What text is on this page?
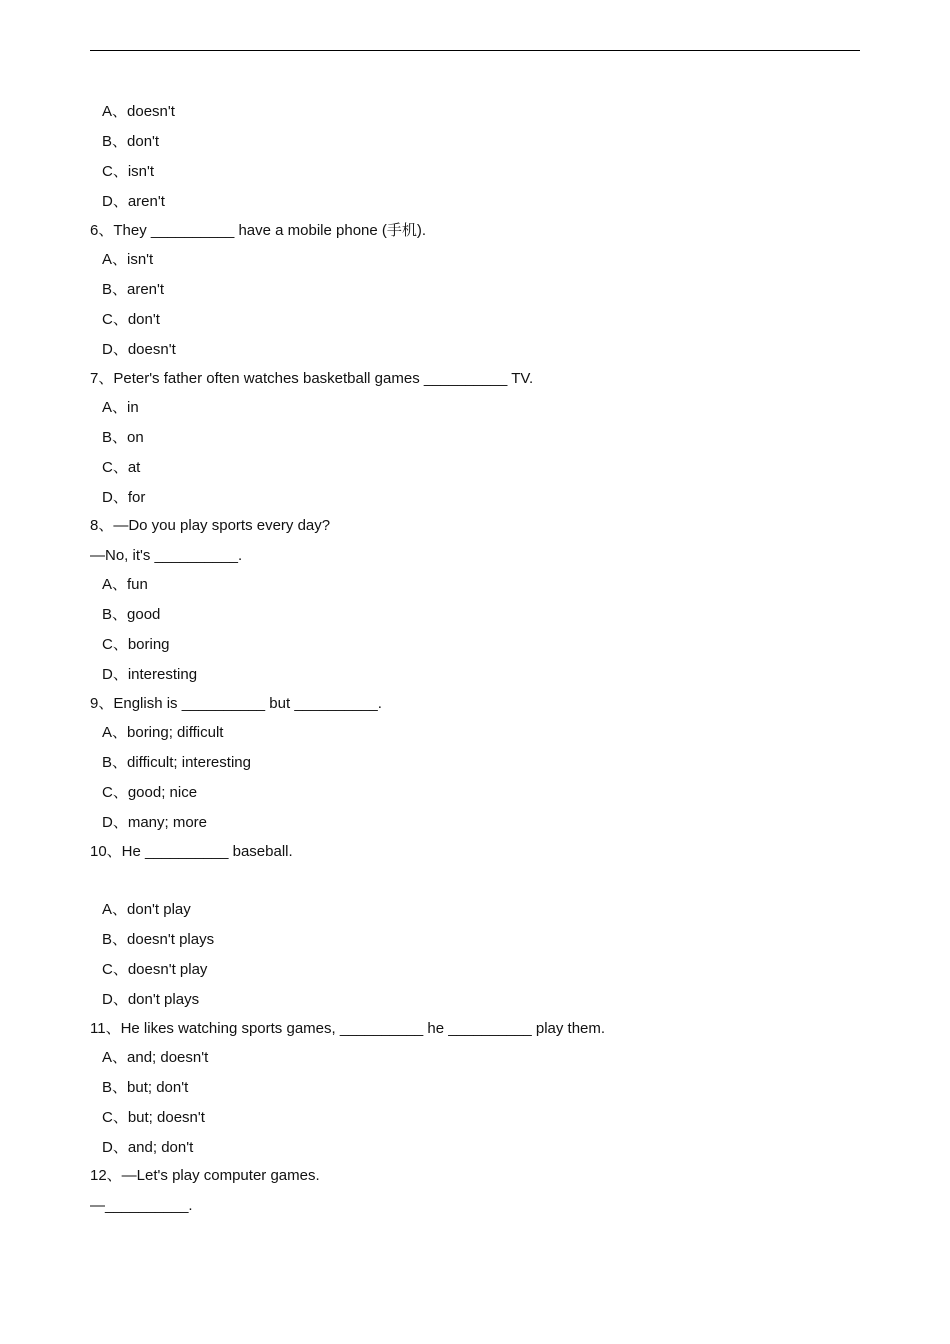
A、doesn't
B、don't
C、isn't
D、aren't
6、They __________ have a mobile phone (手机).
A、isn't
B、aren't
C、don't
D、doesn't
7、Peter's father often watches basketball games __________ TV.
A、in
B、on
C、at
D、for
8、—Do you play sports every day?
—No, it's __________.
A、fun
B、good
C、boring
D、interesting
9、English is __________ but __________.
A、boring; difficult
B、difficult; interesting
C、good; nice
D、many; more
10、He __________ baseball.
A、don't play
B、doesn't plays
C、doesn't play
D、don't plays
11、He likes watching sports games, __________ he __________ play them.
A、and; doesn't
B、but; don't
C、but; doesn't
D、and; don't
12、—Let's play computer games.
—__________.
